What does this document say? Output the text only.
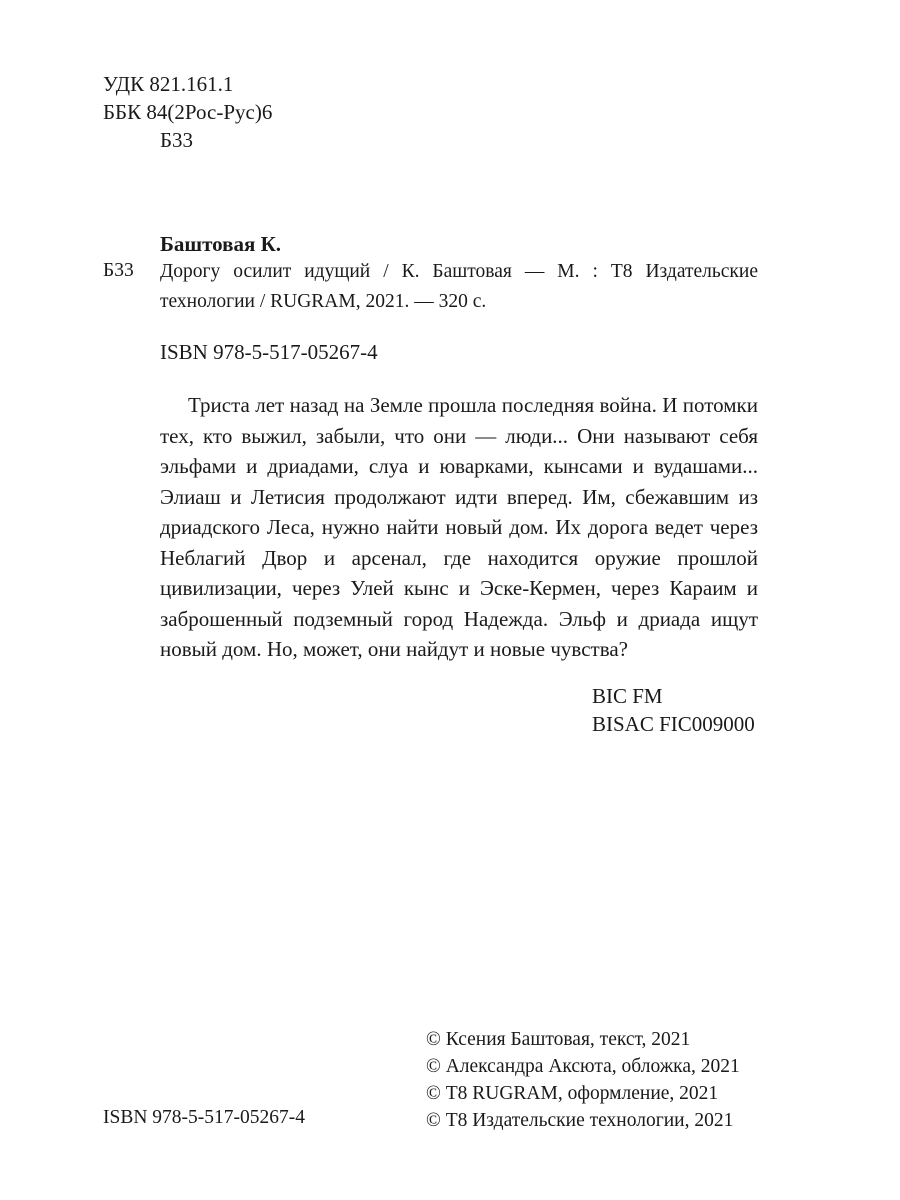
УДК 821.161.1
ББК 84(2Рос-Рус)6
Б33
Баштовая К.
Б33 Дорогу осилит идущий / К. Баштовая — М. : Т8 Издательские технологии / RUGRAM, 2021. — 320 с.

ISBN 978-5-517-05267-4

Триста лет назад на Земле прошла последняя война. И потомки тех, кто выжил, забыли, что они — люди... Они называют себя эльфами и дриадами, слуа и юварками, кынсами и вудашами... Элиаш и Летисия продолжают идти вперед. Им, сбежавшим из дриадского Леса, нужно найти новый дом. Их дорога ведет через Неблагий Двор и арсенал, где находится оружие прошлой цивилизации, через Улей кынс и Эске-Кермен, через Караим и заброшенный подземный город Надежда. Эльф и дриада ищут новый дом. Но, может, они найдут и новые чувства?

BIC FM
BISAC FIC009000
ISBN 978-5-517-05267-4
© Ксения Баштовая, текст, 2021
© Александра Аксюта, обложка, 2021
© Т8 RUGRAM, оформление, 2021
© Т8 Издательские технологии, 2021
